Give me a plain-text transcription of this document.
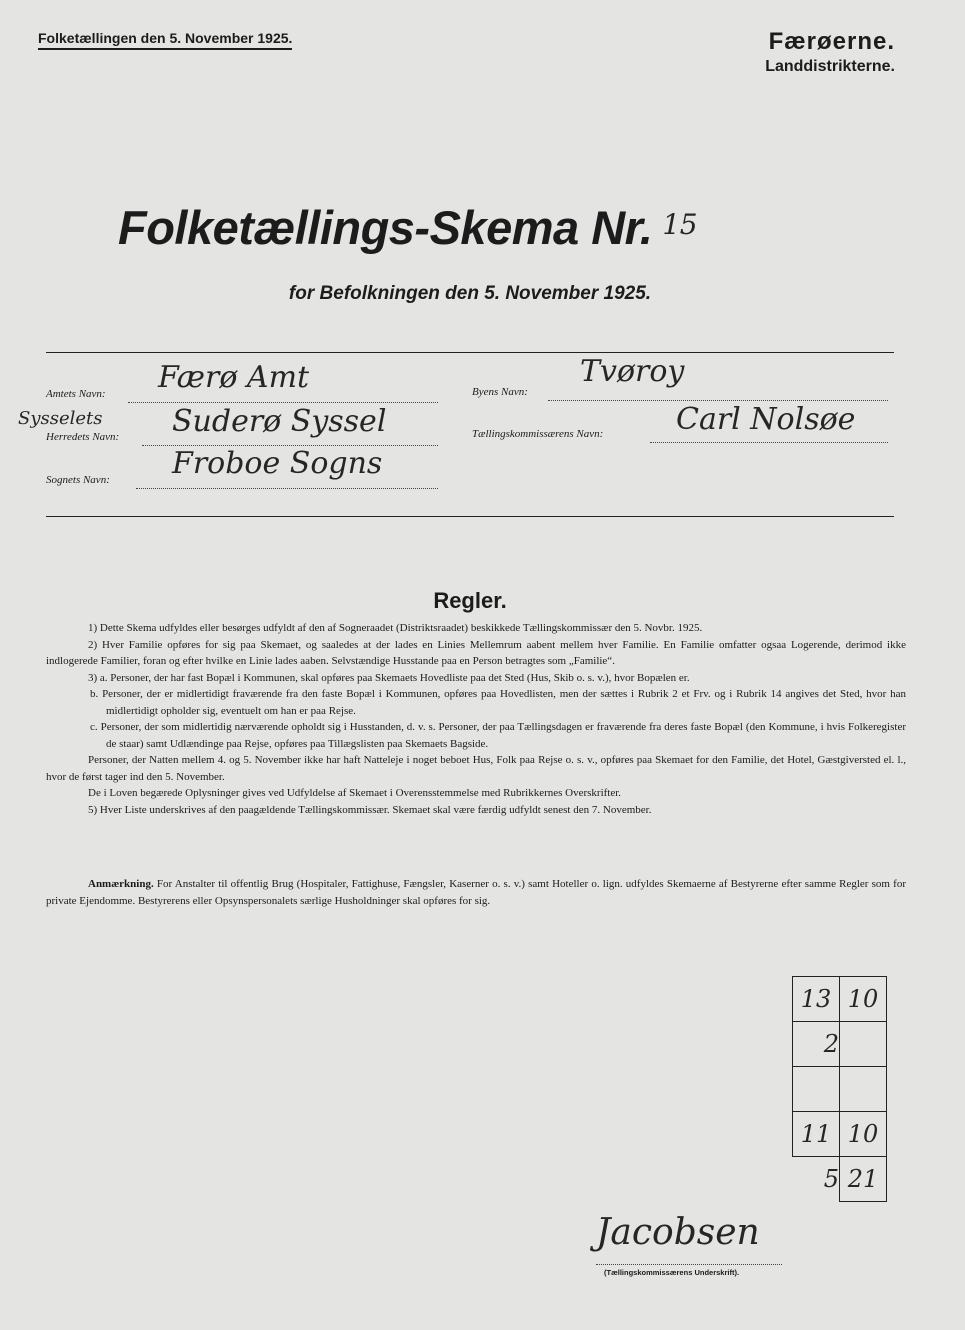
Folketællingen den 5. November 1925.	Færøerne.
Landdistrikterne.
Folketællings-Skema Nr. $^{15}$
for Befolkningen den 5. November 1925.
Amtets Navn: Færø Amt
Sysselets
Herredets Navn: Suderø Syssel
Sognets Navn: Froboe Sogns
Byens Navn:
Tvøroy
Tællingskommissærens Navn: Carl Nolsøe
Regler.

1) Dette Skema udfyldes eller besørges udfyldt af den af Sogneraadet (Distriktsraadet) beskikkede Tællingskommissær den 5. Novbr. 1925.

2) Hver Familie opføres for sig paa Skemaet, og saaledes at der lades en Linies Mellemrum aabent mellem hver Familie. En Familie omfatter ogsaa Logerende, derimod ikke indlogerede Familier, foran og efter hvilke en Linie lades aaben. Selvstændige Husstande paa en Person betragtes som „Familie“.

3) a. Personer, der har fast Bopæl i Kommunen, skal opføres paa Skemaets Hovedliste paa det Sted (Hus, Skib o. s. v.), hvor Bopælen er.

b. Personer, der er midlertidigt fraværende fra den faste Bopæl i Kommunen, opføres paa Hovedlisten, men der sættes i Rubrik 2 et Frv. og i Rubrik 14 angives det Sted, hvor han midlertidigt opholder sig, eventuelt om han er paa Rejse.

c. Personer, der som midlertidig nærværende opholdt sig i Husstanden, d. v. s. Personer, der paa Tællingsdagen er fraværende fra deres faste Bopæl (den Kommune, i hvis Folkeregister de staar) samt Udlændinge paa Rejse, opføres paa Tillægslisten paa Skemaets Bagside.

Personer, der Natten mellem 4. og 5. November ikke har haft Natteleje i noget beboet Hus, Folk paa Rejse o. s. v., opføres paa Skemaet for den Familie, det Hotel, Gæstgiversted el. l., hvor de først tager ind den 5. November.

De i Loven begærede Oplysninger gives ved Udfyldelse af Skemaet i Overensstemmelse med Rubrikkernes Overskrifter.

5) Hver Liste underskrives af den paagældende Tællingskommissær. Skemaet skal være færdig udfyldt senest den 7. November.

Anmærkning. For Anstalter til offentlig Brug (Hospitaler, Fattighuse, Fængsler, Kaserner o. s. v.) samt Hoteller o. lign. udfyldes Skemaerne af Bestyrerne efter samme Regler som for private Ejendomme. Bestyrerens eller Opsynspersonalets særlige Husholdninger skal opføres for sig.

13	10
2	

11	10
5	21
Jacobsen
(Tællingskommissærens Underskrift).
